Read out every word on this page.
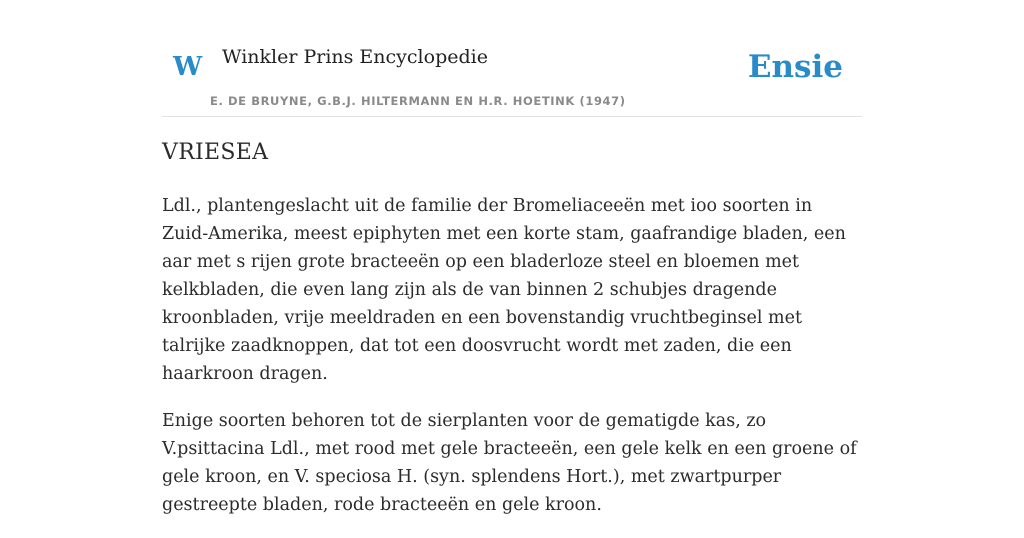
W Winkler Prins Encyclopedie
E. DE BRUYNE, G.B.J. HILTERMANN EN H.R. HOETINK (1947)
Ensie
VRIESEA

Ldl., plantengeslacht uit de familie der Bromeliaceeën met ioo soorten in Zuid-Amerika, meest epiphyten met een korte stam, gaafrandige bladen, een aar met s rijen grote bracteeën op een bladerloze steel en bloemen met kelkbladen, die even lang zijn als de van binnen 2 schubjes dragende kroonbladen, vrije meeldraden en een bovenstandig vruchtbeginsel met talrijke zaadknoppen, dat tot een doosvrucht wordt met zaden, die een haarkroon dragen.

Enige soorten behoren tot de sierplanten voor de gematigde kas, zo V.psittacina Ldl., met rood met gele bracteeën, een gele kelk en een groene of gele kroon, en V. speciosa H. (syn. splendens Hort.), met zwartpurper gestreepte bladen, rode bracteeën en gele kroon.
